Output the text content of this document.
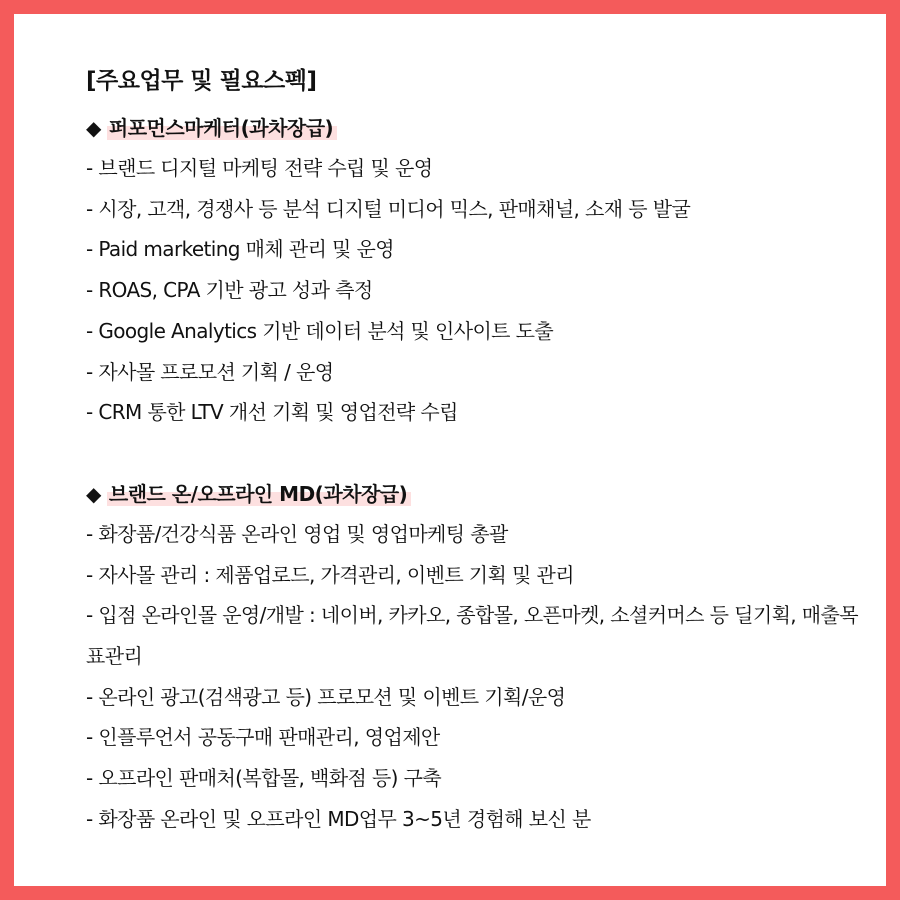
[주요업무 및 필요스펙]
◆ 퍼포먼스마케터(과차장급)

- 브랜드 디지털 마케팅 전략 수립 및 운영

- 시장, 고객, 경쟁사 등 분석 디지털 미디어 믹스, 판매채널, 소재 등 발굴

- Paid marketing 매체 관리 및 운영

- ROAS, CPA 기반 광고 성과 측정

- Google Analytics 기반 데이터 분석 및 인사이트 도출

- 자사몰 프로모션 기획 / 운영

- CRM 통한 LTV 개선 기획 및 영업전략 수립

◆ 브랜드 온/오프라인 MD(과차장급)

- 화장품/건강식품 온라인 영업 및 영업마케팅 총괄

- 자사몰 관리 : 제품업로드, 가격관리, 이벤트 기획 및 관리

- 입점 온라인몰 운영/개발 : 네이버, 카카오, 종합몰, 오픈마켓, 소셜커머스 등 딜기획, 매출목표관리

- 온라인 광고(검색광고 등) 프로모션 및 이벤트 기획/운영

- 인플루언서 공동구매 판매관리, 영업제안

- 오프라인 판매처(복합몰, 백화점 등) 구축

- 화장품 온라인 및 오프라인 MD업무 3~5년 경험해 보신 분
